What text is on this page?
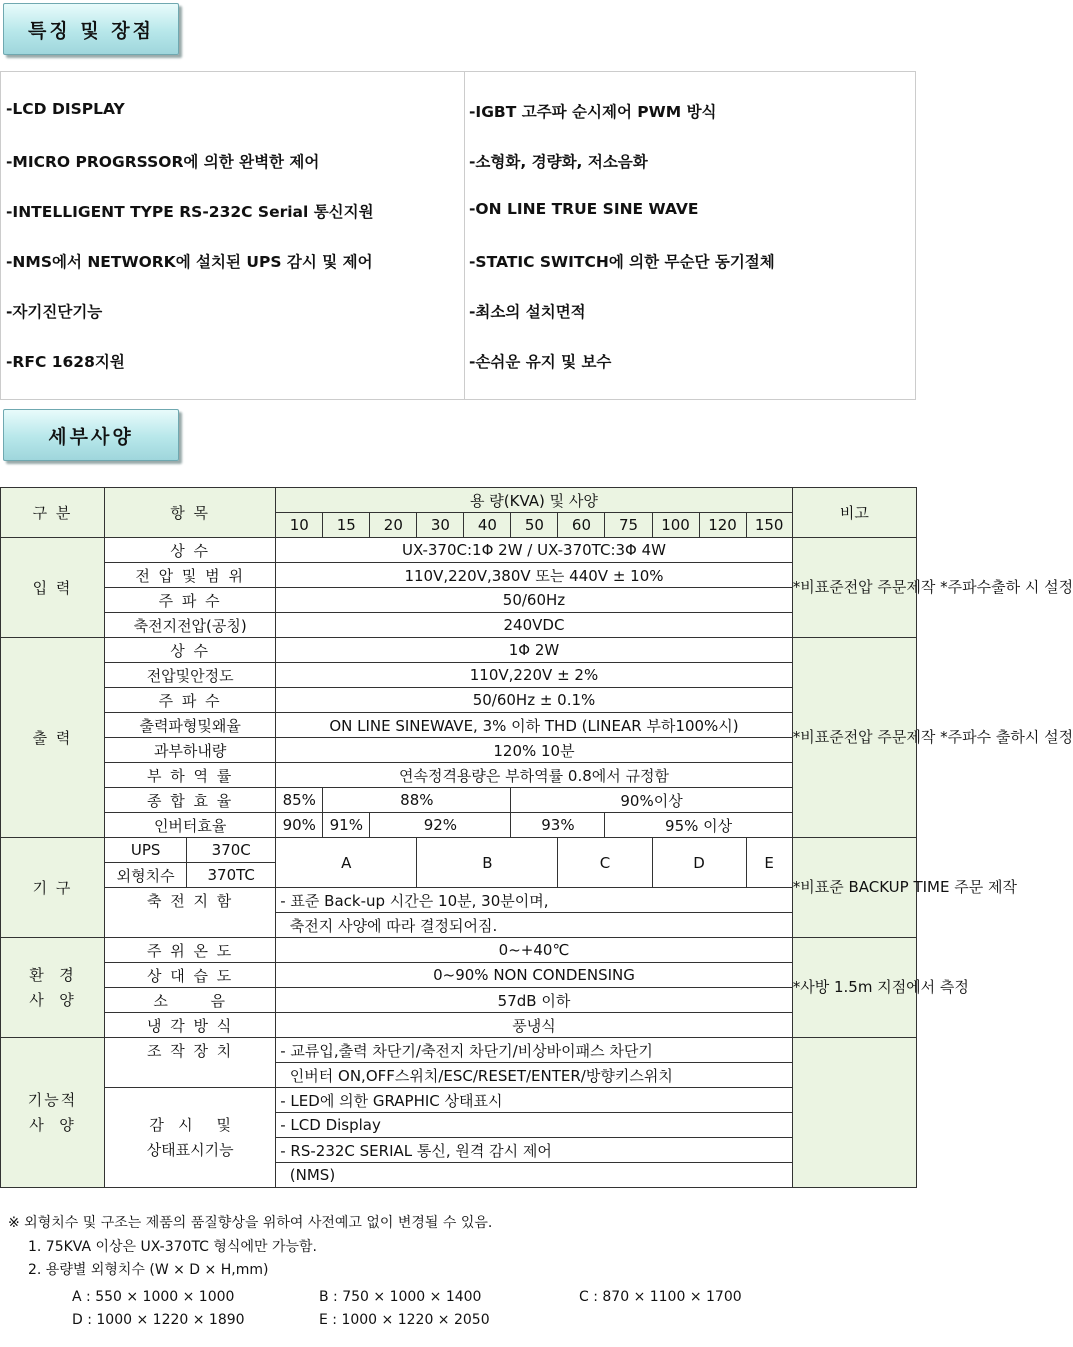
특징 및 장점
-LCD DISPLAY
-MICRO PROGRSSOR에 의한 완벽한 제어
-INTELLIGENT TYPE RS-232C Serial 통신지원
-NMS에서 NETWORK에 설치된 UPS 감시 및 제어
-자기진단기능
-RFC 1628지원
-IGBT 고주파 순시제어 PWM 방식
-소형화, 경량화, 저소음화
-ON LINE TRUE SINE WAVE
-STATIC SWITCH에 의한 무순단 동기절체
-최소의 설치면적
-손쉬운 유지 및 보수
세부사양
구 분	항 목		용 량(KVA) 및 사양											비고
			10	15	20	30	40	50	60	75	100	120	150	
입 력	상 수		UX-370C:1Φ 2W / UX-370TC:3Φ 4W											*비표준전압 주문제작 *주파수출하 시 설정
	전 압 및 범 위		110V,220V,380V 또는 440V ± 10%											
	주 파 수		50/60Hz											
	축전지전압(공칭)		240VDC											
출 력	상 수		1Φ 2W											*비표준전압 주문제작 *주파수 출하시 설정
	전압및안정도		110V,220V ± 2%											
	주 파 수		50/60Hz ± 0.1%											
	출력파형및왜율		ON LINE SINEWAVE, 3% 이하 THD (LINEAR 부하100%시)											
	과부하내량		120% 10분											
	부 하 역 률		연속정격용량은 부하역률 0.8에서 규정함											
	종 합 효 율		85%	88%				90%이상						
	인버터효율		90%	91%	92%			93%		95% 이상				
기 구	UPS	370C	A			B			C		D		E	*비표준 BACKUP TIME 주문 제작
	외형치수	370TC												
	축 전 지 함		- 표준 Back-up 시간은 10분, 30분이며,											
			축전지 사양에 따라 결정되어짐.											
환  경
사  양	주 위 온 도		0~+40℃											*사방 1.5m 지점에서 측정
	상 대 습 도		0~90% NON CONDENSING											
	소      음		57dB 이하											
	냉 각 방 식		풍냉식											
기능적
사  양	조 작 장 치		- 교류입,출력 차단기/축전지 차단기/비상바이패스 차단기											
			인버터 ON,OFF스위치/ESC/RESET/ENTER/방향키스위치											
	감   시     및
상태표시기능		- LED에 의한 GRAPHIC 상태표시											
			- LCD Display											
			- RS-232C SERIAL 통신, 원격 감시 제어											
			(NMS)											
※ 외형치수 및 구조는 제품의 품질향상을 위하여 사전예고 없이 변경될 수 있음.
1. 75KVA 이상은 UX-370TC 형식에만 가능함.
2. 용량별 외형치수 (W × D × H,mm)
A : 550 × 1000 × 1000	B : 750 × 1000 × 1400	C : 870 × 1100 × 1700
D : 1000 × 1220 × 1890	E : 1000 × 1220 × 2050
